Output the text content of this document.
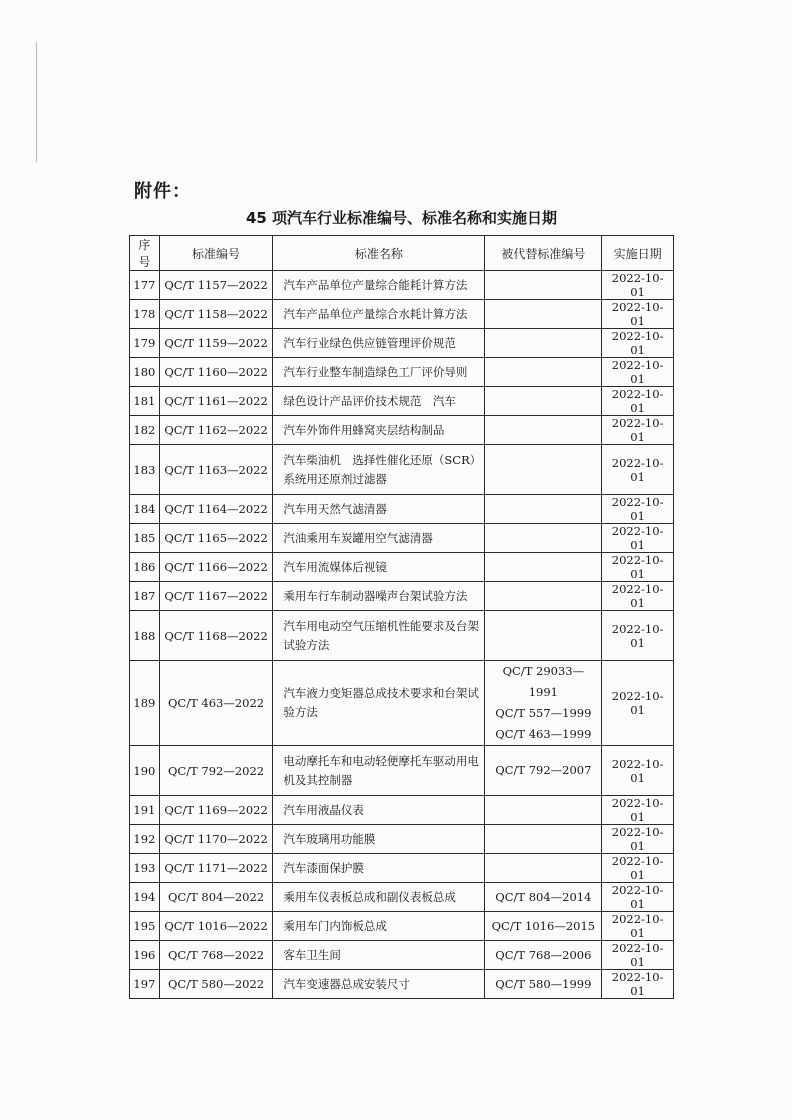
附件：
45 项汽车行业标准编号、标准名称和实施日期
序号	标准编号	标准名称	被代替标准编号	实施日期
177	QC/T 1157—2022	汽车产品单位产量综合能耗计算方法		2022-10-01
178	QC/T 1158—2022	汽车产品单位产量综合水耗计算方法		2022-10-01
179	QC/T 1159—2022	汽车行业绿色供应链管理评价规范		2022-10-01
180	QC/T 1160—2022	汽车行业整车制造绿色工厂评价导则		2022-10-01
181	QC/T 1161—2022	绿色设计产品评价技术规范　汽车		2022-10-01
182	QC/T 1162—2022	汽车外饰件用蜂窝夹层结构制品		2022-10-01
183	QC/T 1163—2022	汽车柴油机　选择性催化还原（SCR）系统用还原剂过滤器		2022-10-01
184	QC/T 1164—2022	汽车用天然气滤清器		2022-10-01
185	QC/T 1165—2022	汽油乘用车炭罐用空气滤清器		2022-10-01
186	QC/T 1166—2022	汽车用流媒体后视镜		2022-10-01
187	QC/T 1167—2022	乘用车行车制动器噪声台架试验方法		2022-10-01
188	QC/T 1168—2022	汽车用电动空气压缩机性能要求及台架试验方法		2022-10-01
189	QC/T 463—2022	汽车液力变矩器总成技术要求和台架试验方法	QC/T 29033—1991
QC/T 557—1999
QC/T 463—1999	2022-10-01
190	QC/T 792—2022	电动摩托车和电动轻便摩托车驱动用电机及其控制器	QC/T 792—2007	2022-10-01
191	QC/T 1169—2022	汽车用液晶仪表		2022-10-01
192	QC/T 1170—2022	汽车玻璃用功能膜		2022-10-01
193	QC/T 1171—2022	汽车漆面保护膜		2022-10-01
194	QC/T 804—2022	乘用车仪表板总成和副仪表板总成	QC/T 804—2014	2022-10-01
195	QC/T 1016—2022	乘用车门内饰板总成	QC/T 1016—2015	2022-10-01
196	QC/T 768—2022	客车卫生间	QC/T 768—2006	2022-10-01
197	QC/T 580—2022	汽车变速器总成安装尺寸	QC/T 580—1999	2022-10-01
